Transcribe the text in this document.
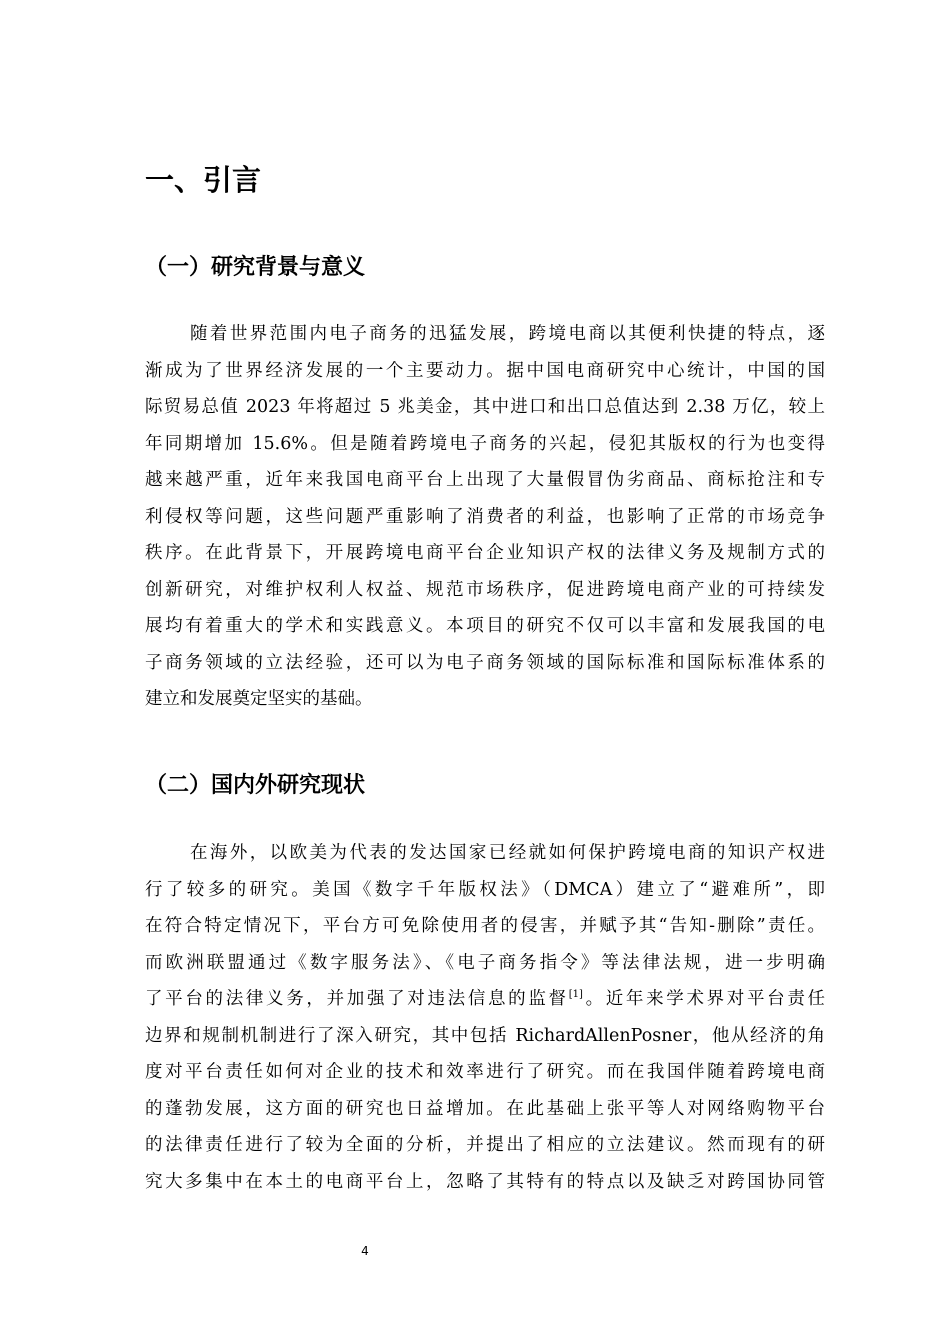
一、引言
（一）研究背景与意义
随着世界范围内电子商务的迅猛发展，跨境电商以其便利快捷的特点，逐
渐成为了世界经济发展的一个主要动力。据中国电商研究中心统计，中国的国
际贸易总值 2023 年将超过 5 兆美金，其中进口和出口总值达到 2.38 万亿，较上
年同期增加 15.6%。但是随着跨境电子商务的兴起，侵犯其版权的行为也变得
越来越严重，近年来我国电商平台上出现了大量假冒伪劣商品、商标抢注和专
利侵权等问题，这些问题严重影响了消费者的利益，也影响了正常的市场竞争
秩序。在此背景下，开展跨境电商平台企业知识产权的法律义务及规制方式的
创新研究，对维护权利人权益、规范市场秩序，促进跨境电商产业的可持续发
展均有着重大的学术和实践意义。本项目的研究不仅可以丰富和发展我国的电
子商务领域的立法经验，还可以为电子商务领域的国际标准和国际标准体系的
建立和发展奠定坚实的基础。
（二）国内外研究现状
在海外，以欧美为代表的发达国家已经就如何保护跨境电商的知识产权进
行了较多的研究。美国《数字千年版权法》（DMCA）建立了“避难所”，即
在符合特定情况下，平台方可免除使用者的侵害，并赋予其“告知-删除”责任。
而欧洲联盟通过《数字服务法》、《电子商务指令》等法律法规，进一步明确
了平台的法律义务，并加强了对违法信息的监督[1]。近年来学术界对平台责任
边界和规制机制进行了深入研究，其中包括 RichardAllenPosner，他从经济的角
度对平台责任如何对企业的技术和效率进行了研究。而在我国伴随着跨境电商
的蓬勃发展，这方面的研究也日益增加。在此基础上张平等人对网络购物平台
的法律责任进行了较为全面的分析，并提出了相应的立法建议。然而现有的研
究大多集中在本土的电商平台上，忽略了其特有的特点以及缺乏对跨国协同管
4
